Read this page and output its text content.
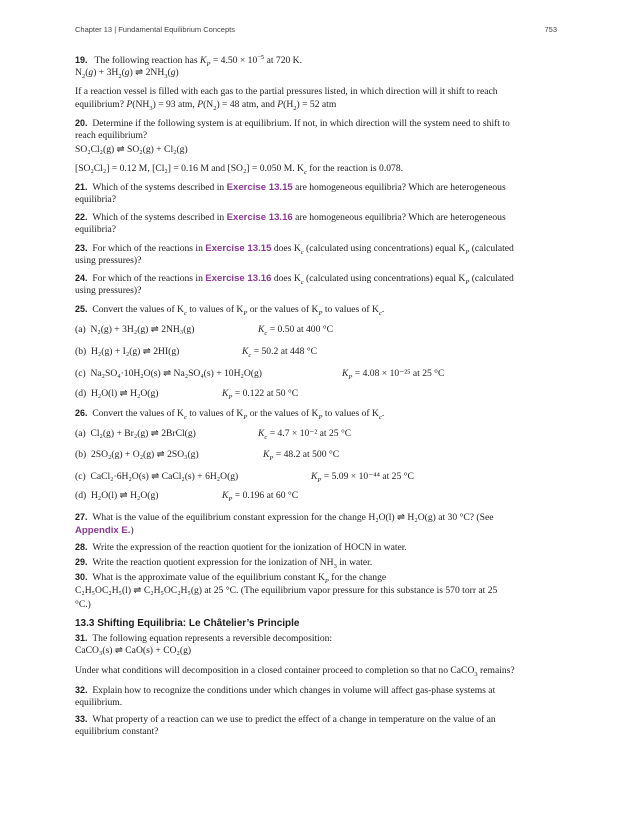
Chapter 13 | Fundamental Equilibrium Concepts	753
19. The following reaction has $K_P = 4.50 \times 10^{-5}$ at 720 K.
$N_2(g) + 3H_2(g)$ ⇌ $2NH_3(g)$
If a reaction vessel is filled with each gas to the partial pressures listed, in which direction will it shift to reach
equilibrium? $P(NH_3) = 93$ atm, $P(N_2) = 48$ atm, and $P(H_2) = 52$ atm
20. Determine if the following system is at equilibrium. If not, in which direction will the system need to shift to
reach equilibrium?
SO₂Cl₂(g) ⇌ SO₂(g) + Cl₂(g)
[SO₂Cl₂] = 0.12 M, [Cl₂] = 0.16 M and [SO₂] = 0.050 M. $K_c$ for the reaction is 0.078.
21. Which of the systems described in Exercise 13.15 are homogeneous equilibria? Which are heterogeneous
equilibria?
22. Which of the systems described in Exercise 13.16 are homogeneous equilibria? Which are heterogeneous
equilibria?
23. For which of the reactions in Exercise 13.15 does $K_c$ (calculated using concentrations) equal $K_P$ (calculated
using pressures)?
24. For which of the reactions in Exercise 13.16 does $K_c$ (calculated using concentrations) equal $K_P$ (calculated
using pressures)?
25. Convert the values of $K_c$ to values of $K_P$ or the values of $K_P$ to values of $K_c$.
(a) N₂(g) + 3H₂(g) ⇌ 2NH₃(g)	$K_c = 0.50$ at 400 °C
(b) H₂(g) + I₂(g) ⇌ 2HI(g)	$K_c = 50.2$ at 448 °C
(c) Na₂SO₄·10H₂O(s) ⇌ Na₂SO₄(s) + 10H₂O(g)	$K_P = 4.08 \times 10^{-25}$ at 25 °C
(d) H₂O(l) ⇌ H₂O(g)	$K_P = 0.122$ at 50 °C
26. Convert the values of $K_c$ to values of $K_P$ or the values of $K_P$ to values of $K_c$.
(a) Cl₂(g) + Br₂(g) ⇌ 2BrCl(g)	$K_c = 4.7 \times 10^{-2}$ at 25 °C
(b) 2SO₂(g) + O₂(g) ⇌ 2SO₃(g)	$K_P = 48.2$ at 500 °C
(c) CaCl₂·6H₂O(s) ⇌ CaCl₂(s) + 6H₂O(g)	$K_P = 5.09 \times 10^{-44}$ at 25 °C
(d) H₂O(l) ⇌ H₂O(g)	$K_P = 0.196$ at 60 °C
27. What is the value of the equilibrium constant expression for the change H₂O(l) ⇌ H₂O(g) at 30 °C? (See
Appendix E.)
28. Write the expression of the reaction quotient for the ionization of HOCN in water.
29. Write the reaction quotient expression for the ionization of $NH_3$ in water.
30. What is the approximate value of the equilibrium constant $K_P$ for the change
C₂H₅OC₂H₅(l) ⇌ C₂H₅OC₂H₅(g) at 25 °C. (The equilibrium vapor pressure for this substance is 570 torr at 25
°C.)
13.3 Shifting Equilibria: Le Châtelier’s Principle
31. The following equation represents a reversible decomposition:
CaCO₃(s) ⇌ CaO(s) + CO₂(g)
Under what conditions will decomposition in a closed container proceed to completion so that no CaCO$_3$ remains?
32. Explain how to recognize the conditions under which changes in volume will affect gas-phase systems at
equilibrium.
33. What property of a reaction can we use to predict the effect of a change in temperature on the value of an
equilibrium constant?
